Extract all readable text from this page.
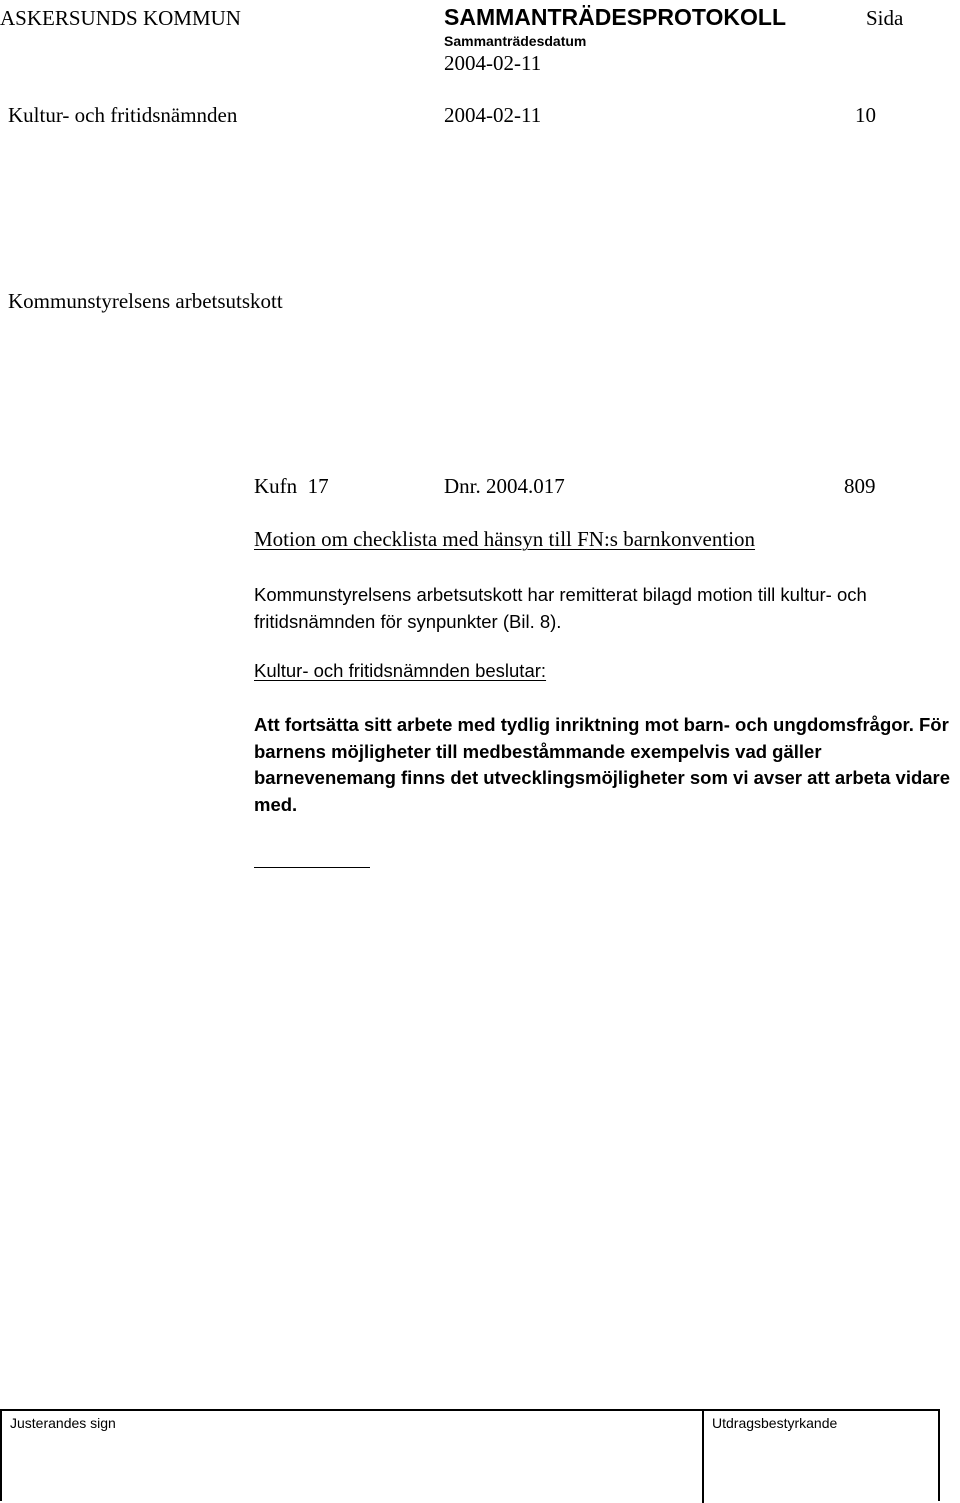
ASKERSUNDS KOMMUN	SAMMANTRÄDESPROTOKOLL	Sida
Sammanträdesdatum
2004-02-11
Kultur- och fritidsnämnden	2004-02-11	10
Kommunstyrelsens arbetsutskott
Kufn  17	Dnr. 2004.017	809
Motion om checklista med hänsyn till FN:s barnkonvention

Kommunstyrelsens arbetsutskott har remitterat bilagd motion till kultur- och fritidsnämnden för synpunkter (Bil. 8).

Kultur- och fritidsnämnden beslutar:

Att fortsätta sitt arbete med tydlig inriktning mot barn- och ungdomsfrågor. För barnens möjligheter till medbeståmmande exempelvis vad gäller barnevenemang finns det utvecklingsmöjligheter som vi avser att arbeta vidare med.

Justerandes sign	Utdragsbestyrkande
